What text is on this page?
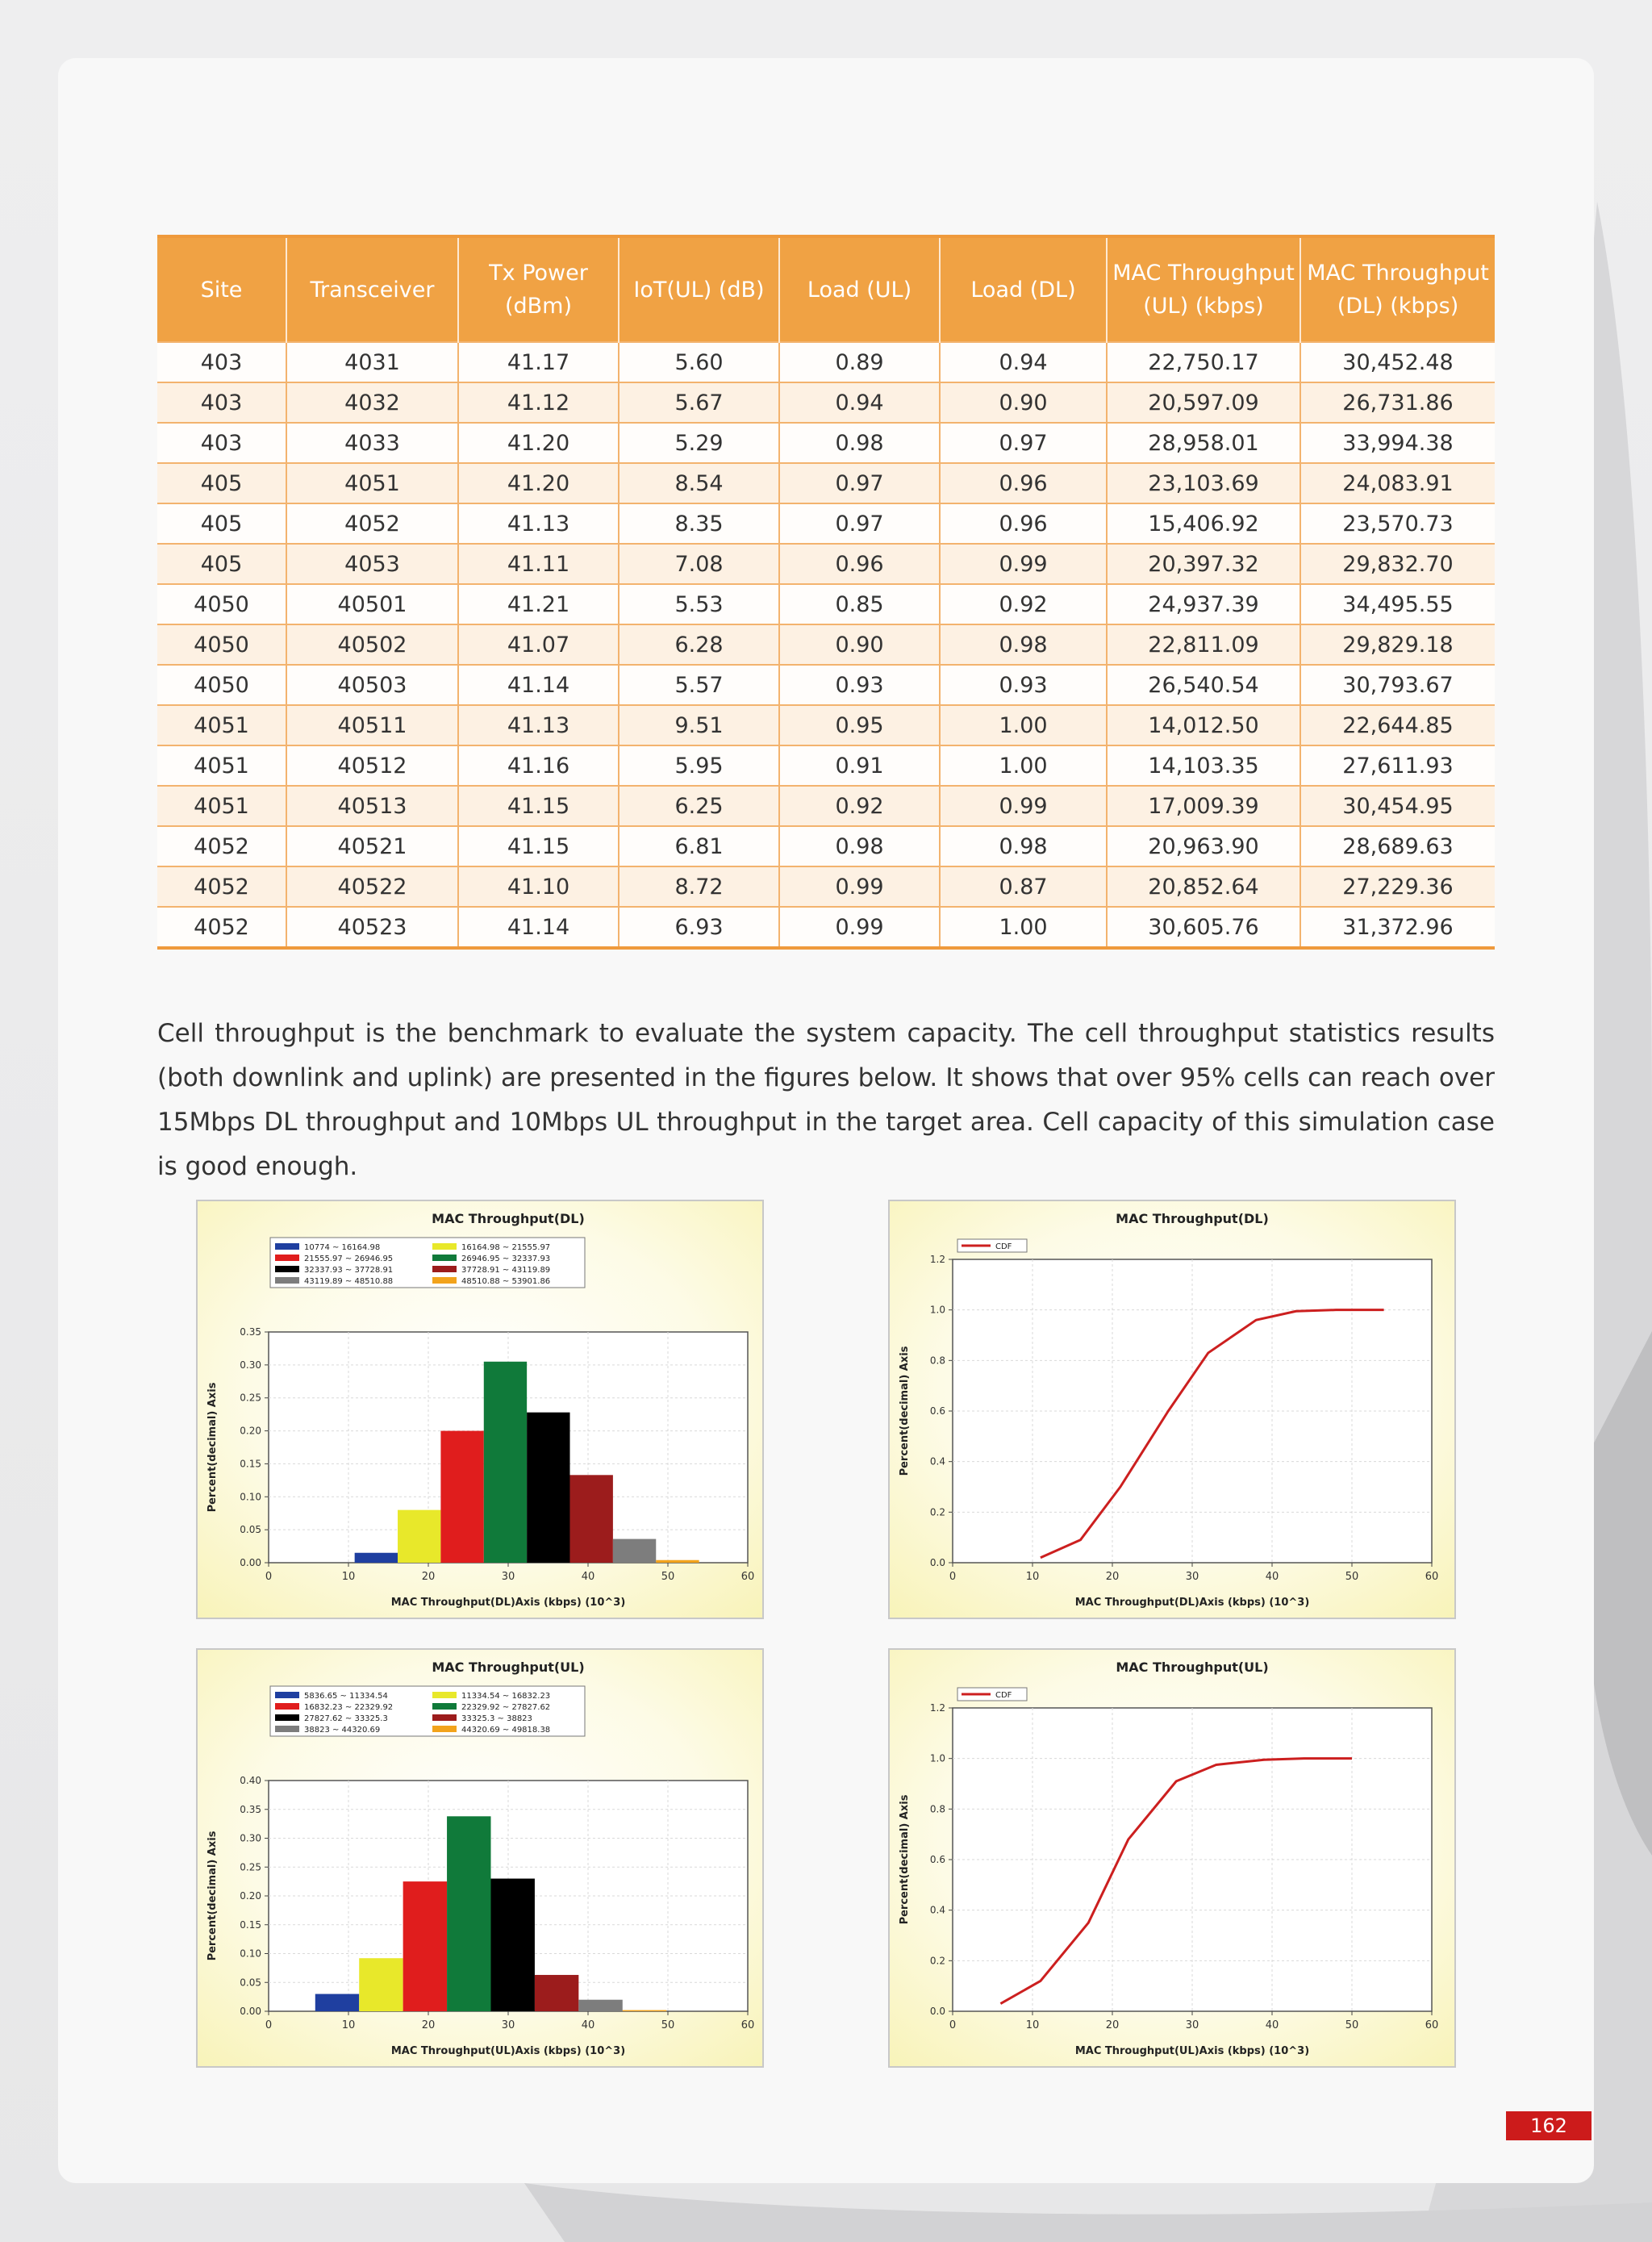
Site	Transceiver	Tx Power (dBm)	IoT(UL) (dB)	Load (UL)	Load (DL)	MAC Throughput (UL) (kbps)	MAC Throughput (DL) (kbps)
403	4031	41.17	5.60	0.89	0.94	22,750.17	30,452.48
403	4032	41.12	5.67	0.94	0.90	20,597.09	26,731.86
403	4033	41.20	5.29	0.98	0.97	28,958.01	33,994.38
405	4051	41.20	8.54	0.97	0.96	23,103.69	24,083.91
405	4052	41.13	8.35	0.97	0.96	15,406.92	23,570.73
405	4053	41.11	7.08	0.96	0.99	20,397.32	29,832.70
4050	40501	41.21	5.53	0.85	0.92	24,937.39	34,495.55
4050	40502	41.07	6.28	0.90	0.98	22,811.09	29,829.18
4050	40503	41.14	5.57	0.93	0.93	26,540.54	30,793.67
4051	40511	41.13	9.51	0.95	1.00	14,012.50	22,644.85
4051	40512	41.16	5.95	0.91	1.00	14,103.35	27,611.93
4051	40513	41.15	6.25	0.92	0.99	17,009.39	30,454.95
4052	40521	41.15	6.81	0.98	0.98	20,963.90	28,689.63
4052	40522	41.10	8.72	0.99	0.87	20,852.64	27,229.36
4052	40523	41.14	6.93	0.99	1.00	30,605.76	31,372.96

Cell throughput is the benchmark to evaluate the system capacity. The cell throughput statistics results (both downlink and uplink) are presented in the figures below. It shows that over 95% cells can reach over 15Mbps DL throughput and 10Mbps UL throughput in the target area. Cell capacity of this simulation case is good enough.

0.00
0.05
0.10
0.15
0.20
0.25
0.30
0.35
0	10	20	30	40	50	60
MAC Throughput(DL)
MAC Throughput(DL)Axis (kbps) (10^3)
Percent(decimal) Axis
10774 ~ 16164.98	16164.98 ~ 21555.97
21555.97 ~ 26946.95	26946.95 ~ 32337.93
32337.93 ~ 37728.91	37728.91 ~ 43119.89
43119.89 ~ 48510.88	48510.88 ~ 53901.86
0.0
0.2
0.4
0.6
0.8
1.0
1.2
0	10	20	30	40	50	60
MAC Throughput(DL)
MAC Throughput(DL)Axis (kbps) (10^3)
Percent(decimal) Axis
CDF
0.00
0.05
0.10
0.15
0.20
0.25
0.30
0.35
0.40
0	10	20	30	40	50	60
MAC Throughput(UL)
MAC Throughput(UL)Axis (kbps) (10^3)
Percent(decimal) Axis
5836.65 ~ 11334.54	11334.54 ~ 16832.23
16832.23 ~ 22329.92	22329.92 ~ 27827.62
27827.62 ~ 33325.3	33325.3 ~ 38823
38823 ~ 44320.69	44320.69 ~ 49818.38
0.0
0.2
0.4
0.6
0.8
1.0
1.2
0	10	20	30	40	50	60
MAC Throughput(UL)
MAC Throughput(UL)Axis (kbps) (10^3)
Percent(decimal) Axis
CDF
162
